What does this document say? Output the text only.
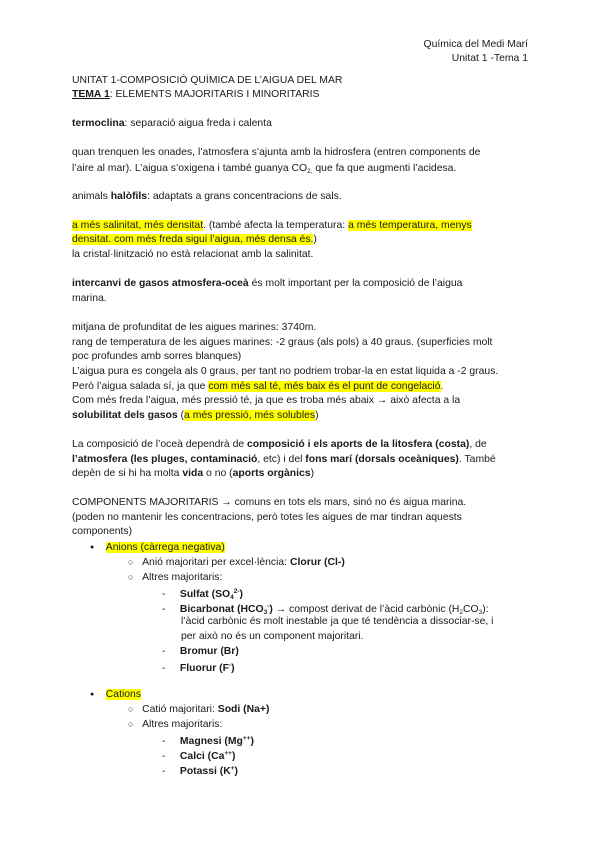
Química del Medi Marí
Unitat 1 -Tema 1
UNITAT 1-COMPOSICIÓ QUÍMICA DE L’AIGUA DEL MAR
TEMA 1: ELEMENTS MAJORITARIS I MINORITARIS
termoclina: separació aigua freda i calenta
quan trenquen les onades, l’atmosfera s’ajunta amb la hidrosfera (entren components de
l’aire al mar). L’aigua s’oxigena i també guanya $CO_{2,}$ que fa que augmenti l’acidesa.
animals halòfils: adaptats a grans concentracions de sals.
a més salinitat, més densitat. (també afecta la temperatura: a més temperatura, menys
densitat. com més freda sigui l’aigua, més densa és.)
la cristal·linització no està relacionat amb la salinitat.
intercanvi de gasos atmosfera-oceà és molt important per la composició de l’aigua
marina.
mitjana de profunditat de les aigues marines: 3740m.
rang de temperatura de les aigues marines: -2 graus (als pols) a 40 graus. (superficies molt
poc profundes amb sorres blanques)
L’aigua pura es congela als 0 graus, per tant no podriem trobar-la en estat liquida a -2 graus.
Però l’aigua salada sí, ja que com més sal té, més baix és el punt de congelació.
Com més freda l’aigua, més pressió té, ja que es troba més abaix → això afecta a la
solubilitat dels gasos (a més pressió, més solubles)
La composició de l’oceà dependrà de composició i els aports de la litosfera (costa), de
l’atmosfera (les pluges, contaminació, etc) i del fons marí (dorsals oceàniques). També
depèn de si hi ha molta vida o no (aports orgànics)
COMPONENTS MAJORITARIS → comuns en tots els mars, sinó no és aigua marina.
(poden no mantenir les concentracions, però totes les aigues de mar tindran aquests
components)
● Anions (càrrega negativa)
○ Anió majoritari per excel·lència: Clorur (Cl-)
○ Altres majoritaris:
- Sulfat $(SO_4^{2-})$
- Bicarbonat $(HCO_3^-)$ → compost derivat de l’àcid carbònic $(H_2CO_3)$:
l’àcid carbònic és molt inestable ja que té tendència a dissociar-se, i
per això no és un component majoritari.
- Bromur (Br)
- Fluorur (F-)
● Cations
○ Catió majoritari: Sodi (Na+)
○ Altres majoritaris:
- Magnesi (Mg++)
- Calci (Ca++)
- Potassi (K+)
